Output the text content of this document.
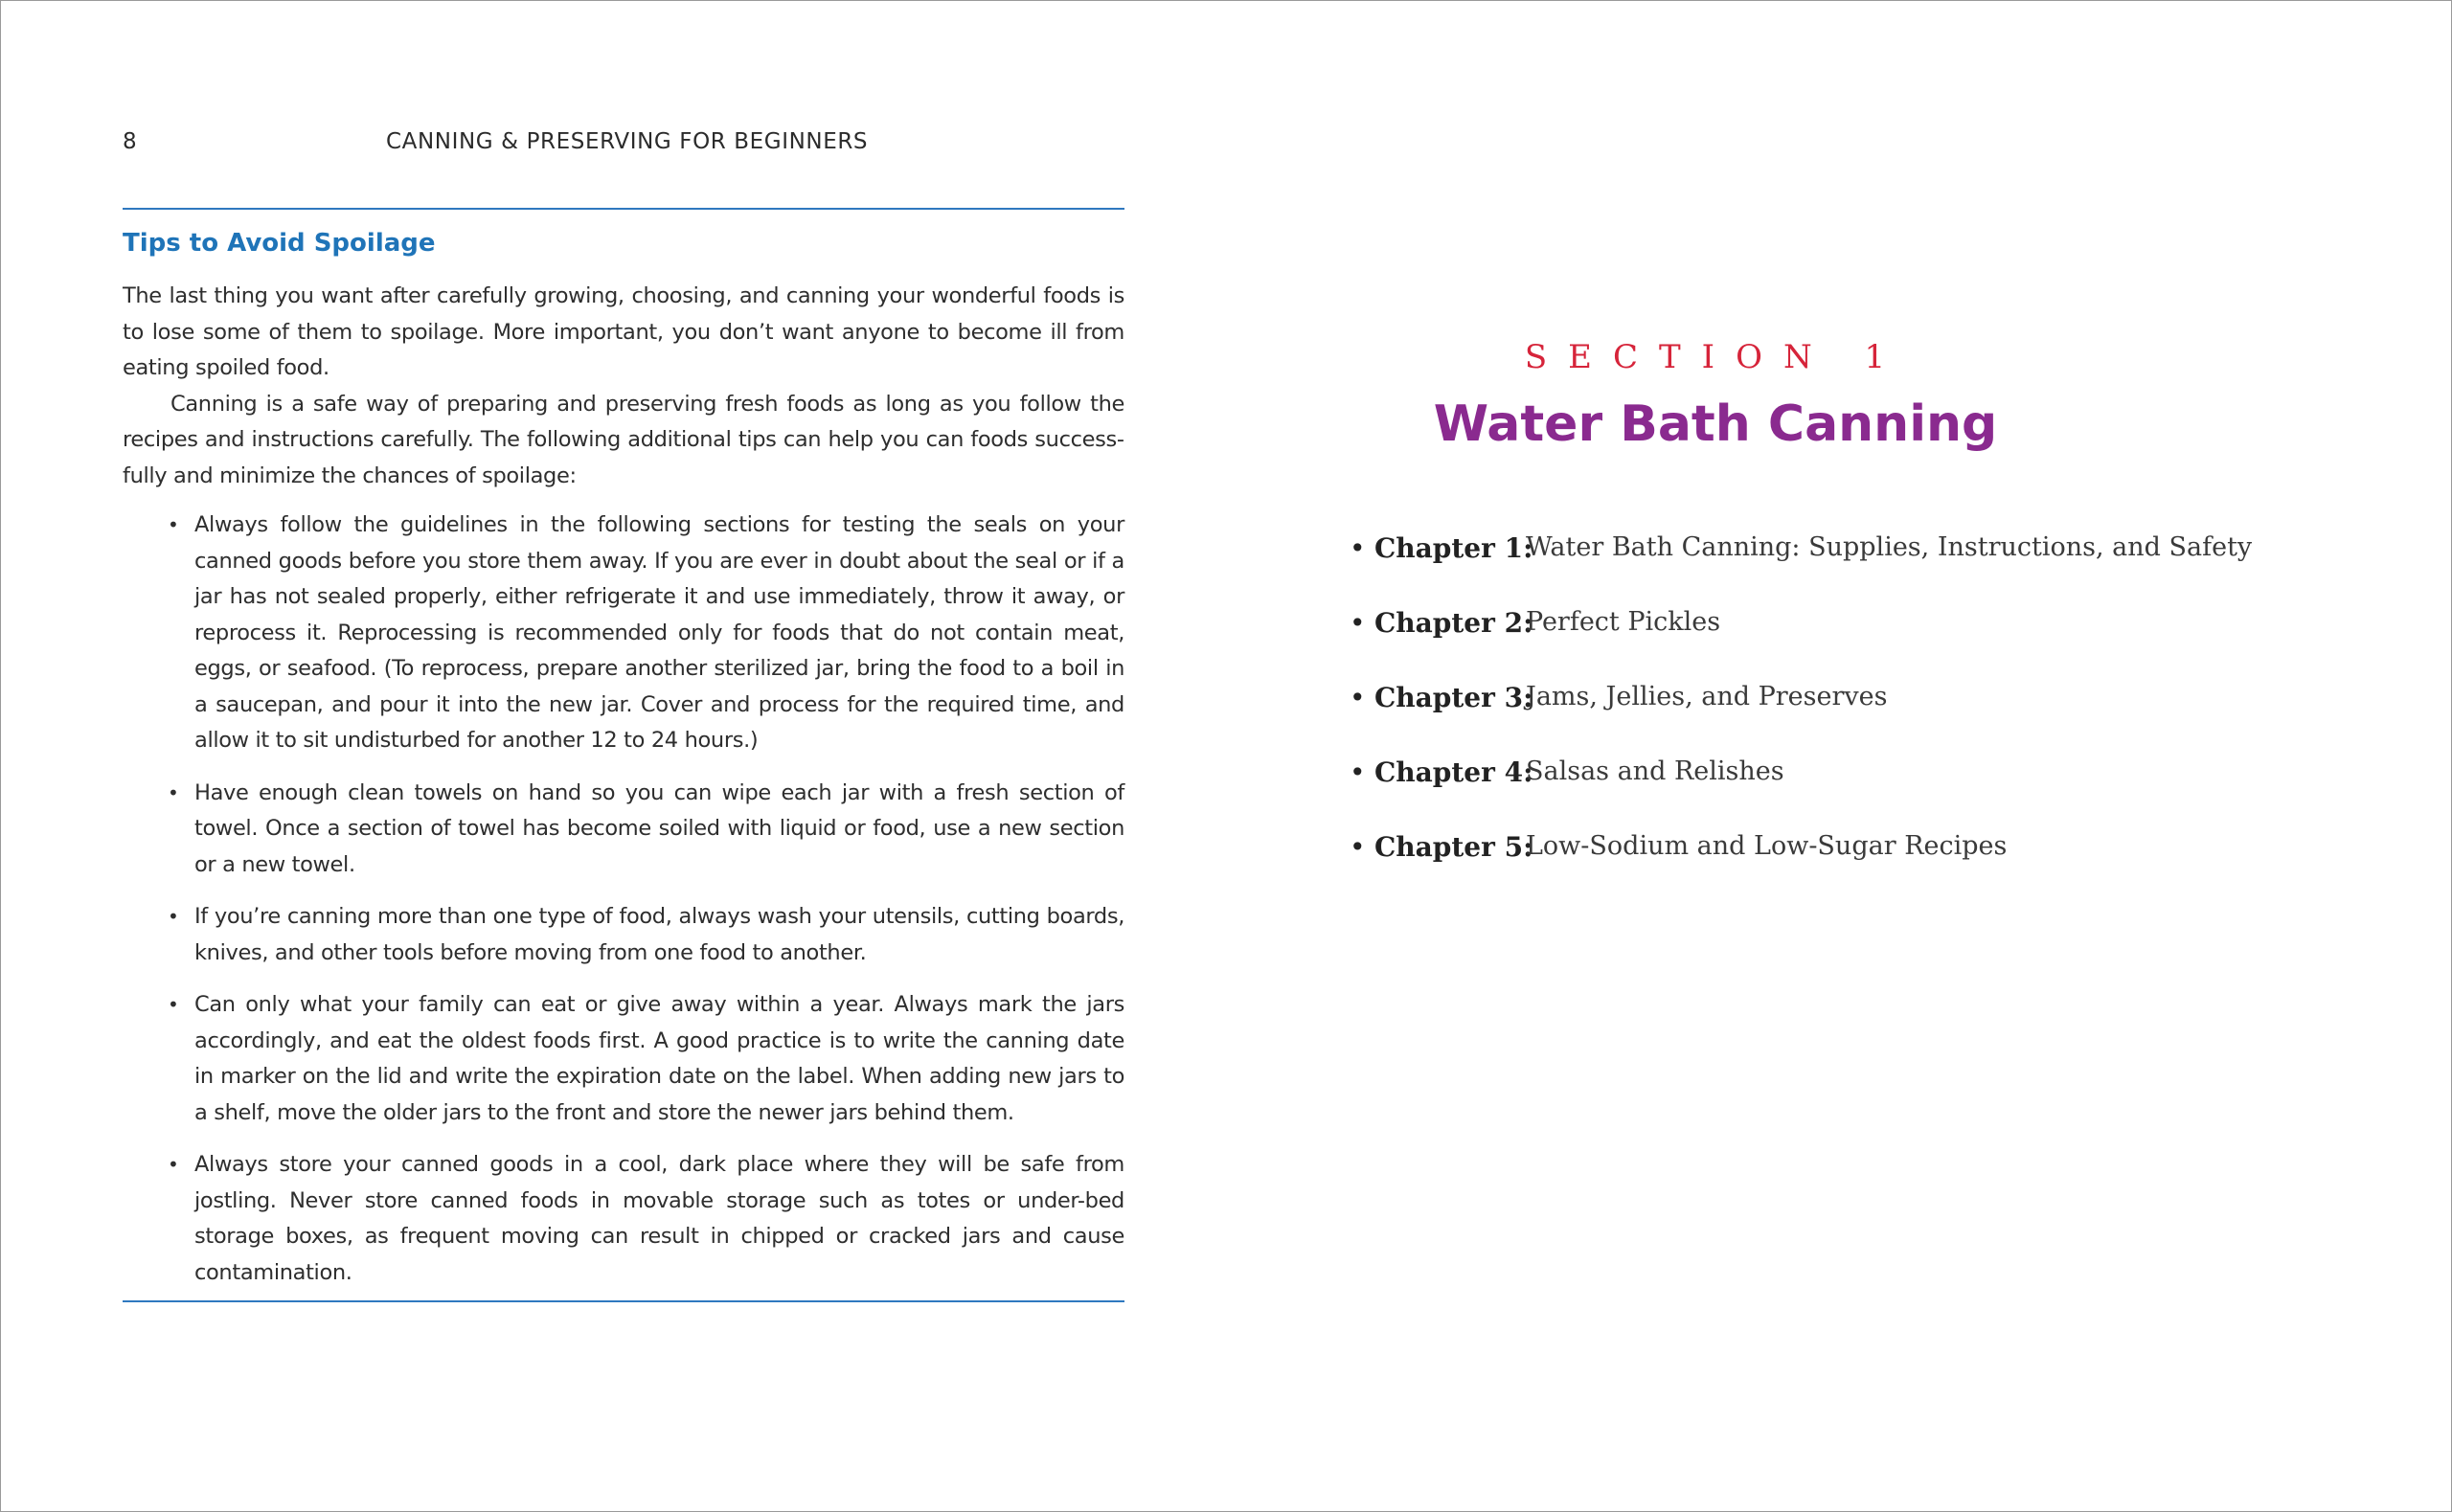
8	CANNING & PRESERVING FOR BEGINNERS
Tips to Avoid Spoilage

The last thing you want after carefully growing, choosing, and canning your wonderful foods is to lose some of them to spoilage. More important, you don’t want anyone to become ill from eating spoiled food.

Canning is a safe way of preparing and preserving fresh foods as long as you follow the recipes and instructions carefully. The following additional tips can help you can foods successfully and minimize the chances of spoilage:

• Always follow the guidelines in the following sections for testing the seals on your canned goods before you store them away. If you are ever in doubt about the seal or if a jar has not sealed properly, either refrigerate it and use immediately, throw it away, or reprocess it. Reprocessing is recommended only for foods that do not contain meat, eggs, or seafood. (To reprocess, prepare another sterilized jar, bring the food to a boil in a saucepan, and pour it into the new jar. Cover and process for the required time, and allow it to sit undisturbed for another 12 to 24 hours.)
• Have enough clean towels on hand so you can wipe each jar with a fresh section of towel. Once a section of towel has become soiled with liquid or food, use a new section or a new towel.
• If you’re canning more than one type of food, always wash your utensils, cutting boards, knives, and other tools before moving from one food to another.
• Can only what your family can eat or give away within a year. Always mark the jars accordingly, and eat the oldest foods first. A good practice is to write the canning date in marker on the lid and write the expiration date on the label. When adding new jars to a shelf, move the older jars to the front and store the newer jars behind them.
• Always store your canned goods in a cool, dark place where they will be safe from jostling. Never store canned foods in movable storage such as totes or under-bed storage boxes, as frequent moving can result in chipped or cracked jars and cause contamination.
SECTION 1
Water Bath Canning
• Chapter 1:
Water Bath Canning: Supplies, Instructions, and Safety
• Chapter 2:
Perfect Pickles
• Chapter 3:
Jams, Jellies, and Preserves
• Chapter 4:
Salsas and Relishes
• Chapter 5:
Low-Sodium and Low-Sugar Recipes
